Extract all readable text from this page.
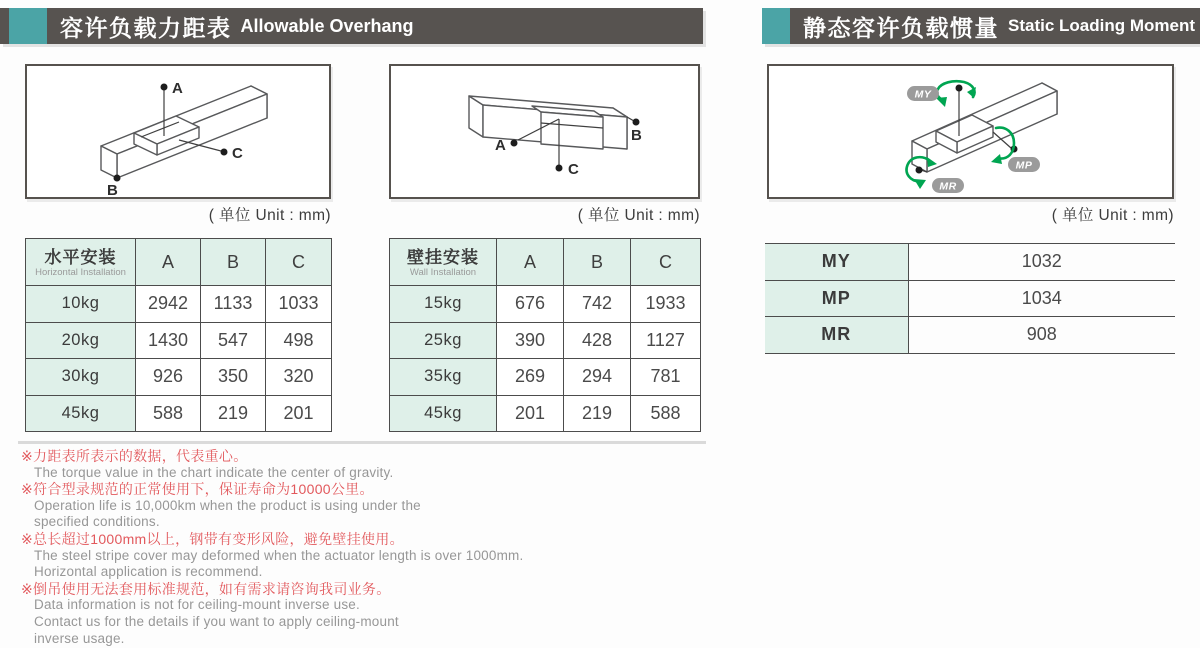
容许负载力距表 Allowable Overhang	静态容许负载惯量 Static Loading Moment
A
B
C	A
C
B
MY
MP
MR
( 单位 Unit : mm)	( 单位 Unit : mm)	( 单位 Unit : mm)
水平安装
Horizontal Installation	A	B	C
10kg	2942	1133	1033
20kg	1430	547	498
30kg	926	350	320
45kg	588	219	201
壁挂安装
Wall Installation	A	B	C
15kg	676	742	1933
25kg	390	428	1127
35kg	269	294	781
45kg	201	219	588
MY	1032
MP	1034
MR	908
※力距表所表示的数据，代表重心。
The torque value in the chart indicate the center of gravity.
※符合型录规范的正常使用下，保证寿命为10000公里。
Operation life is 10,000km when the product is using under the
specified conditions.
※总长超过1000mm以上，钢带有变形风险，避免壁挂使用。
The steel stripe cover may deformed when the actuator length is over 1000mm.
Horizontal application is recommend.
※倒吊使用无法套用标准规范，如有需求请咨询我司业务。
Data information is not for ceiling-mount inverse use.
Contact us for the details if you want to apply ceiling-mount
inverse usage.
